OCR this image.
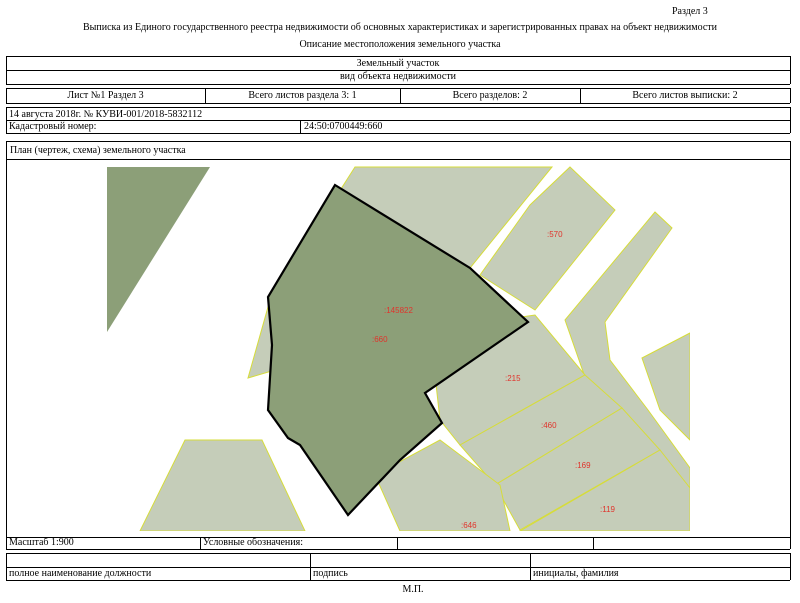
Раздел 3
Выписка из Единого государственного реестра недвижимости об основных характеристиках и зарегистрированных правах на объект недвижимости
Описание местоположения земельного участка
Земельный участок
вид объекта недвижимости
Лист №1 Раздел 3	Всего листов раздела 3: 1	Всего разделов: 2	Всего листов выписки: 2
14 августа 2018г. № КУВИ-001/2018-5832112
Кадастровый номер:	24:50:0700449:660
План (чертеж, схема) земельного участка
:570
:145822
:660
:215
:460
:169
:119
:646
Масштаб 1:900	Условные обозначения:
полное наименование должности	подпись	инициалы, фамилия
М.П.
